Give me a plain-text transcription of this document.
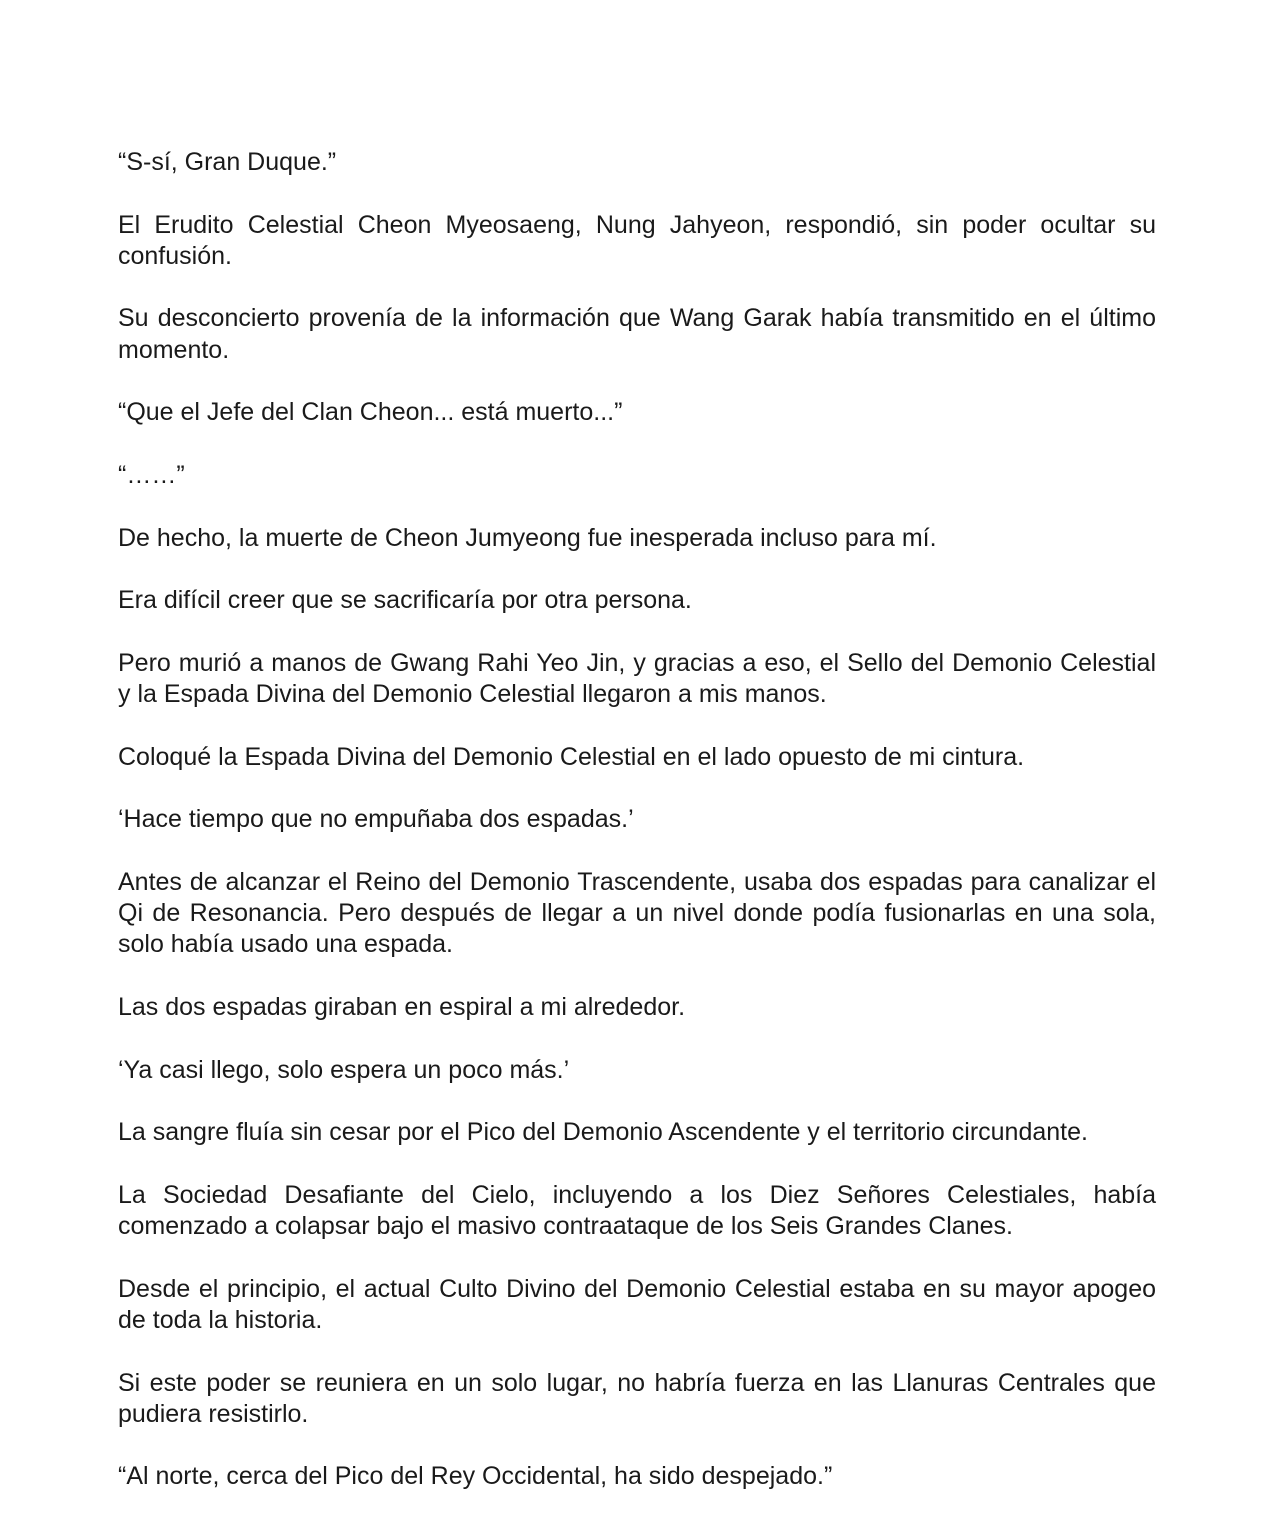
“S-sí, Gran Duque.”

El Erudito Celestial Cheon Myeosaeng, Nung Jahyeon, respondió, sin poder ocultar su confusión.

Su desconcierto provenía de la información que Wang Garak había transmitido en el último momento.

“Que el Jefe del Clan Cheon... está muerto...”

“……”

De hecho, la muerte de Cheon Jumyeong fue inesperada incluso para mí.

Era difícil creer que se sacrificaría por otra persona.

Pero murió a manos de Gwang Rahi Yeo Jin, y gracias a eso, el Sello del Demonio Celestial y la Espada Divina del Demonio Celestial llegaron a mis manos.

Coloqué la Espada Divina del Demonio Celestial en el lado opuesto de mi cintura.

‘Hace tiempo que no empuñaba dos espadas.’

Antes de alcanzar el Reino del Demonio Trascendente, usaba dos espadas para canalizar el Qi de Resonancia. Pero después de llegar a un nivel donde podía fusionarlas en una sola, solo había usado una espada.

Las dos espadas giraban en espiral a mi alrededor.

‘Ya casi llego, solo espera un poco más.’

La sangre fluía sin cesar por el Pico del Demonio Ascendente y el territorio circundante.

La Sociedad Desafiante del Cielo, incluyendo a los Diez Señores Celestiales, había comenzado a colapsar bajo el masivo contraataque de los Seis Grandes Clanes.

Desde el principio, el actual Culto Divino del Demonio Celestial estaba en su mayor apogeo de toda la historia.

Si este poder se reuniera en un solo lugar, no habría fuerza en las Llanuras Centrales que pudiera resistirlo.

“Al norte, cerca del Pico del Rey Occidental, ha sido despejado.”
